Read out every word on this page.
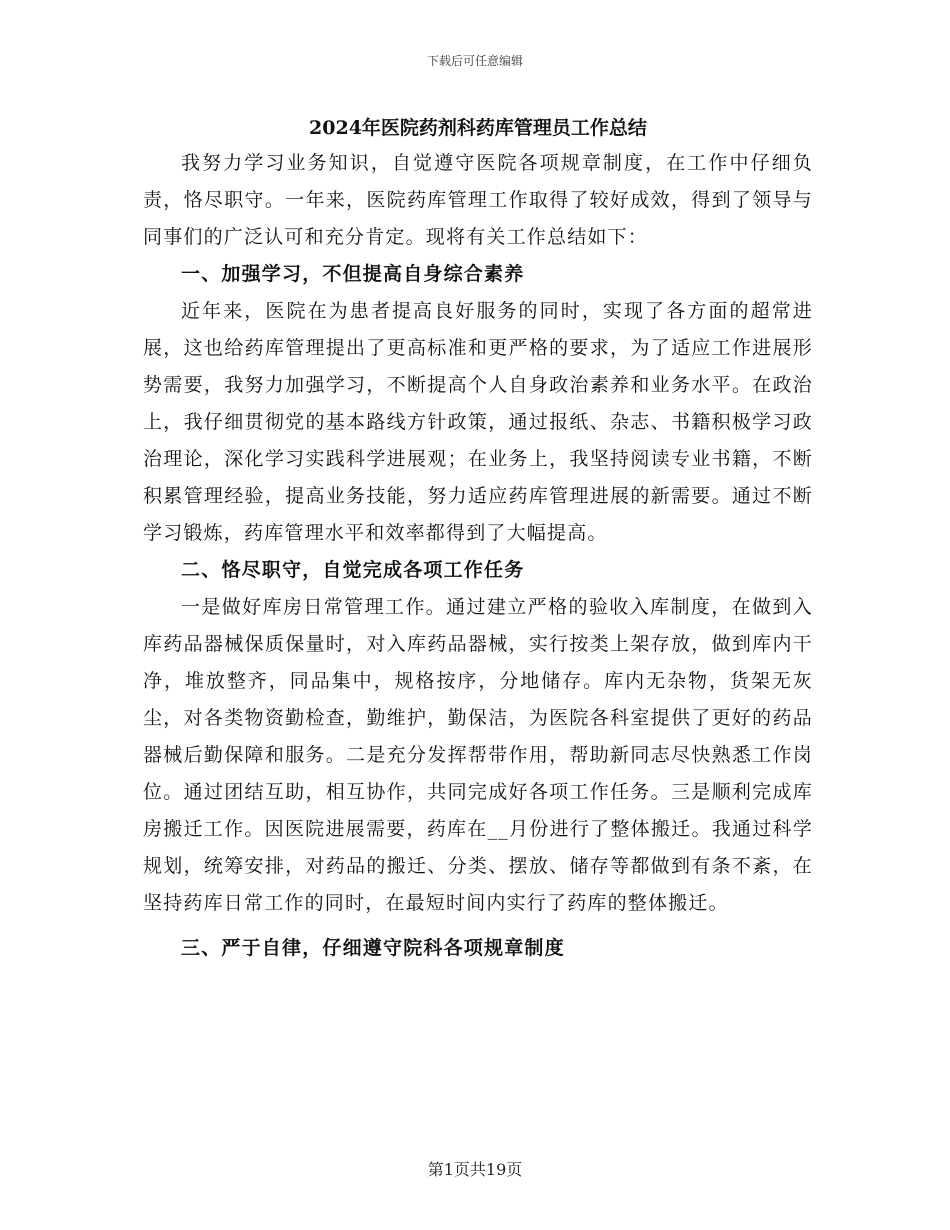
下载后可任意编辑
2024年医院药剂科药库管理员工作总结

我努力学习业务知识，自觉遵守医院各项规章制度，在工作中仔细负责，恪尽职守。一年来，医院药库管理工作取得了较好成效，得到了领导与同事们的广泛认可和充分肯定。现将有关工作总结如下：

一、加强学习，不但提高自身综合素养

近年来，医院在为患者提高良好服务的同时，实现了各方面的超常进展，这也给药库管理提出了更高标准和更严格的要求，为了适应工作进展形势需要，我努力加强学习，不断提高个人自身政治素养和业务水平。在政治上，我仔细贯彻党的基本路线方针政策，通过报纸、杂志、书籍积极学习政治理论，深化学习实践科学进展观；在业务上，我坚持阅读专业书籍，不断积累管理经验，提高业务技能，努力适应药库管理进展的新需要。通过不断学习锻炼，药库管理水平和效率都得到了大幅提高。

二、恪尽职守，自觉完成各项工作任务

一是做好库房日常管理工作。通过建立严格的验收入库制度，在做到入库药品器械保质保量时，对入库药品器械，实行按类上架存放，做到库内干净，堆放整齐，同品集中，规格按序，分地储存。库内无杂物，货架无灰尘，对各类物资勤检查，勤维护，勤保洁，为医院各科室提供了更好的药品器械后勤保障和服务。二是充分发挥帮带作用，帮助新同志尽快熟悉工作岗位。通过团结互助，相互协作，共同完成好各项工作任务。三是顺利完成库房搬迁工作。因医院进展需要，药库在__月份进行了整体搬迁。我通过科学规划，统筹安排，对药品的搬迁、分类、摆放、储存等都做到有条不紊，在坚持药库日常工作的同时，在最短时间内实行了药库的整体搬迁。

三、严于自律，仔细遵守院科各项规章制度

第1页共19页
